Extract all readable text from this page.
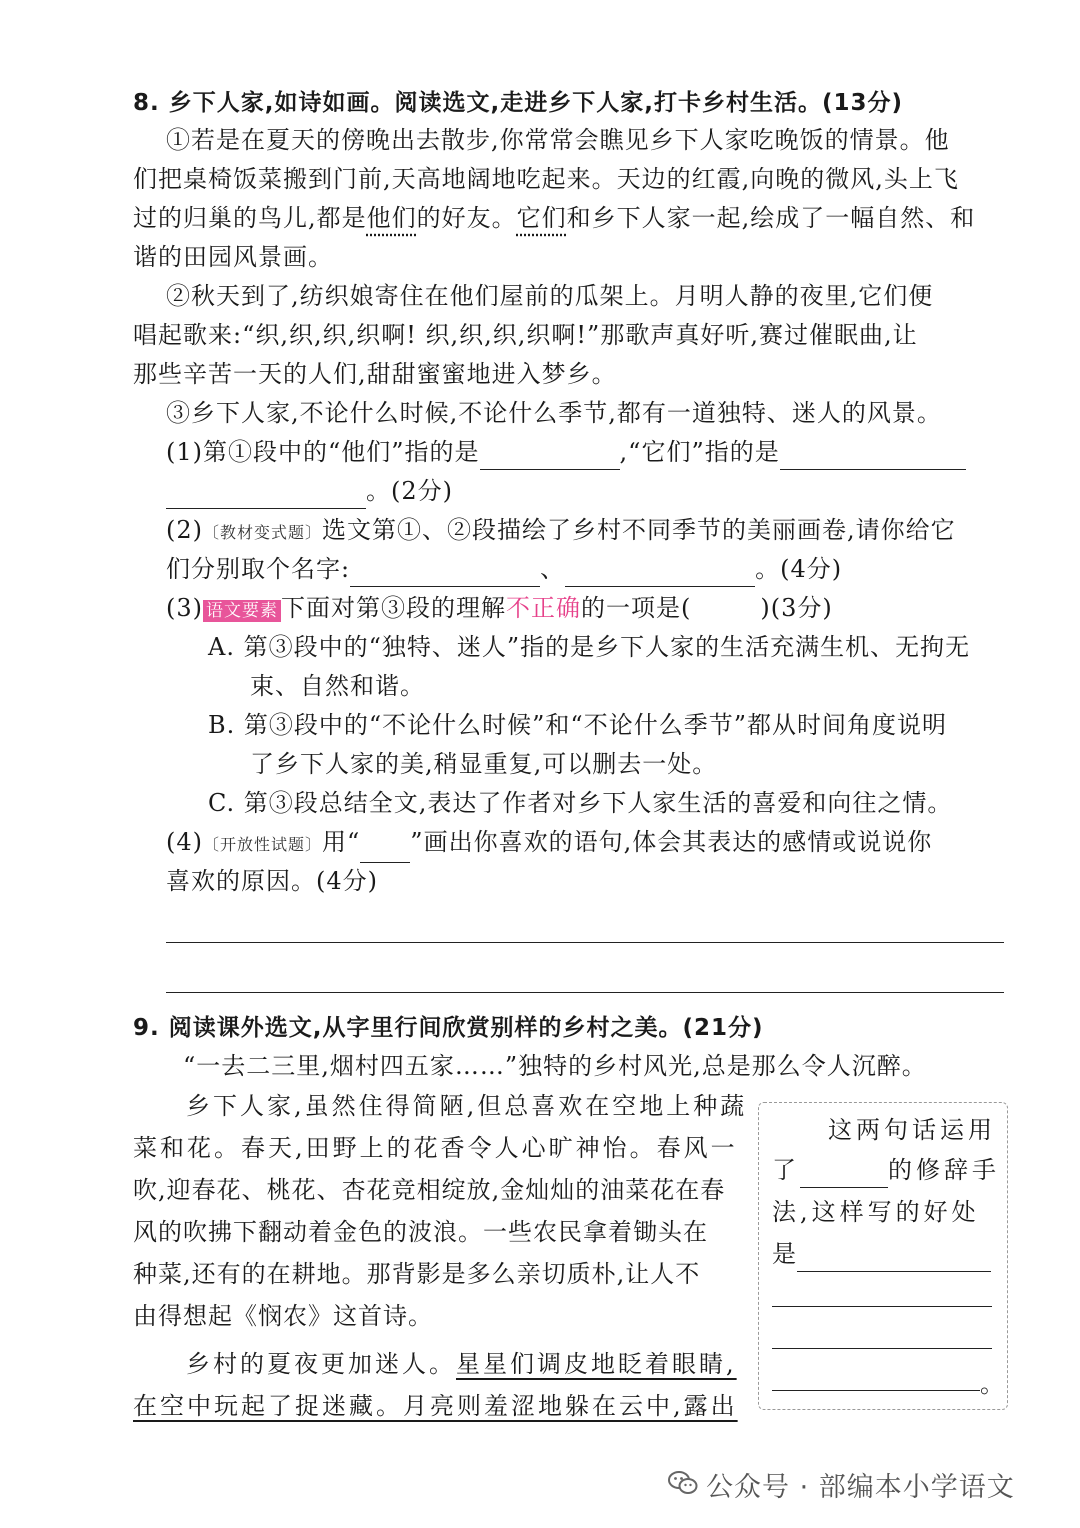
8. 乡下人家,如诗如画。阅读选文,走进乡下人家,打卡乡村生活。(13分)
①若是在夏天的傍晚出去散步,你常常会瞧见乡下人家吃晚饭的情景。他
们把桌椅饭菜搬到门前,天高地阔地吃起来。天边的红霞,向晚的微风,头上飞
过的归巢的鸟儿,都是他们的好友。它们和乡下人家一起,绘成了一幅自然、和
谐的田园风景画。
②秋天到了,纺织娘寄住在他们屋前的瓜架上。月明人静的夜里,它们便
唱起歌来:“织,织,织,织啊! 织,织,织,织啊!”那歌声真好听,赛过催眠曲,让
那些辛苦一天的人们,甜甜蜜蜜地进入梦乡。
③乡下人家,不论什么时候,不论什么季节,都有一道独特、迷人的风景。
(1)第①段中的“他们”指的是	,“它们”指的是
。(2分)
(2)〔教材变式题〕选文第①、②段描绘了乡村不同季节的美丽画卷,请你给它
们分别取个名字:	、	。(4分)
(3) 语文要素 下面对第③段的理解不正确的一项是(        )(3分)
A. 第③段中的“独特、迷人”指的是乡下人家的生活充满生机、无拘无
束、自然和谐。
B. 第③段中的“不论什么时候”和“不论什么季节”都从时间角度说明
了乡下人家的美,稍显重复,可以删去一处。
C. 第③段总结全文,表达了作者对乡下人家生活的喜爱和向往之情。
(4)〔开放性试题〕用“ ”画出你喜欢的语句,体会其表达的感情或说说你
喜欢的原因。(4分)
9. 阅读课外选文,从字里行间欣赏别样的乡村之美。(21分)
“一去二三里,烟村四五家……”独特的乡村风光,总是那么令人沉醉。
乡下人家,虽然住得简陋,但总喜欢在空地上种蔬
菜和花。春天,田野上的花香令人心旷神怡。春风一
吹,迎春花、桃花、杏花竞相绽放,金灿灿的油菜花在春
风的吹拂下翻动着金色的波浪。一些农民拿着锄头在
种菜,还有的在耕地。那背影是多么亲切质朴,让人不
由得想起《悯农》这首诗。
乡村的夏夜更加迷人。星星们调皮地眨着眼睛,
在空中玩起了捉迷藏。月亮则羞涩地躲在云中,露出
这两句话运用
了	的修辞手
法,这样写的好处
是
。
公众号 · 部编本小学语文
